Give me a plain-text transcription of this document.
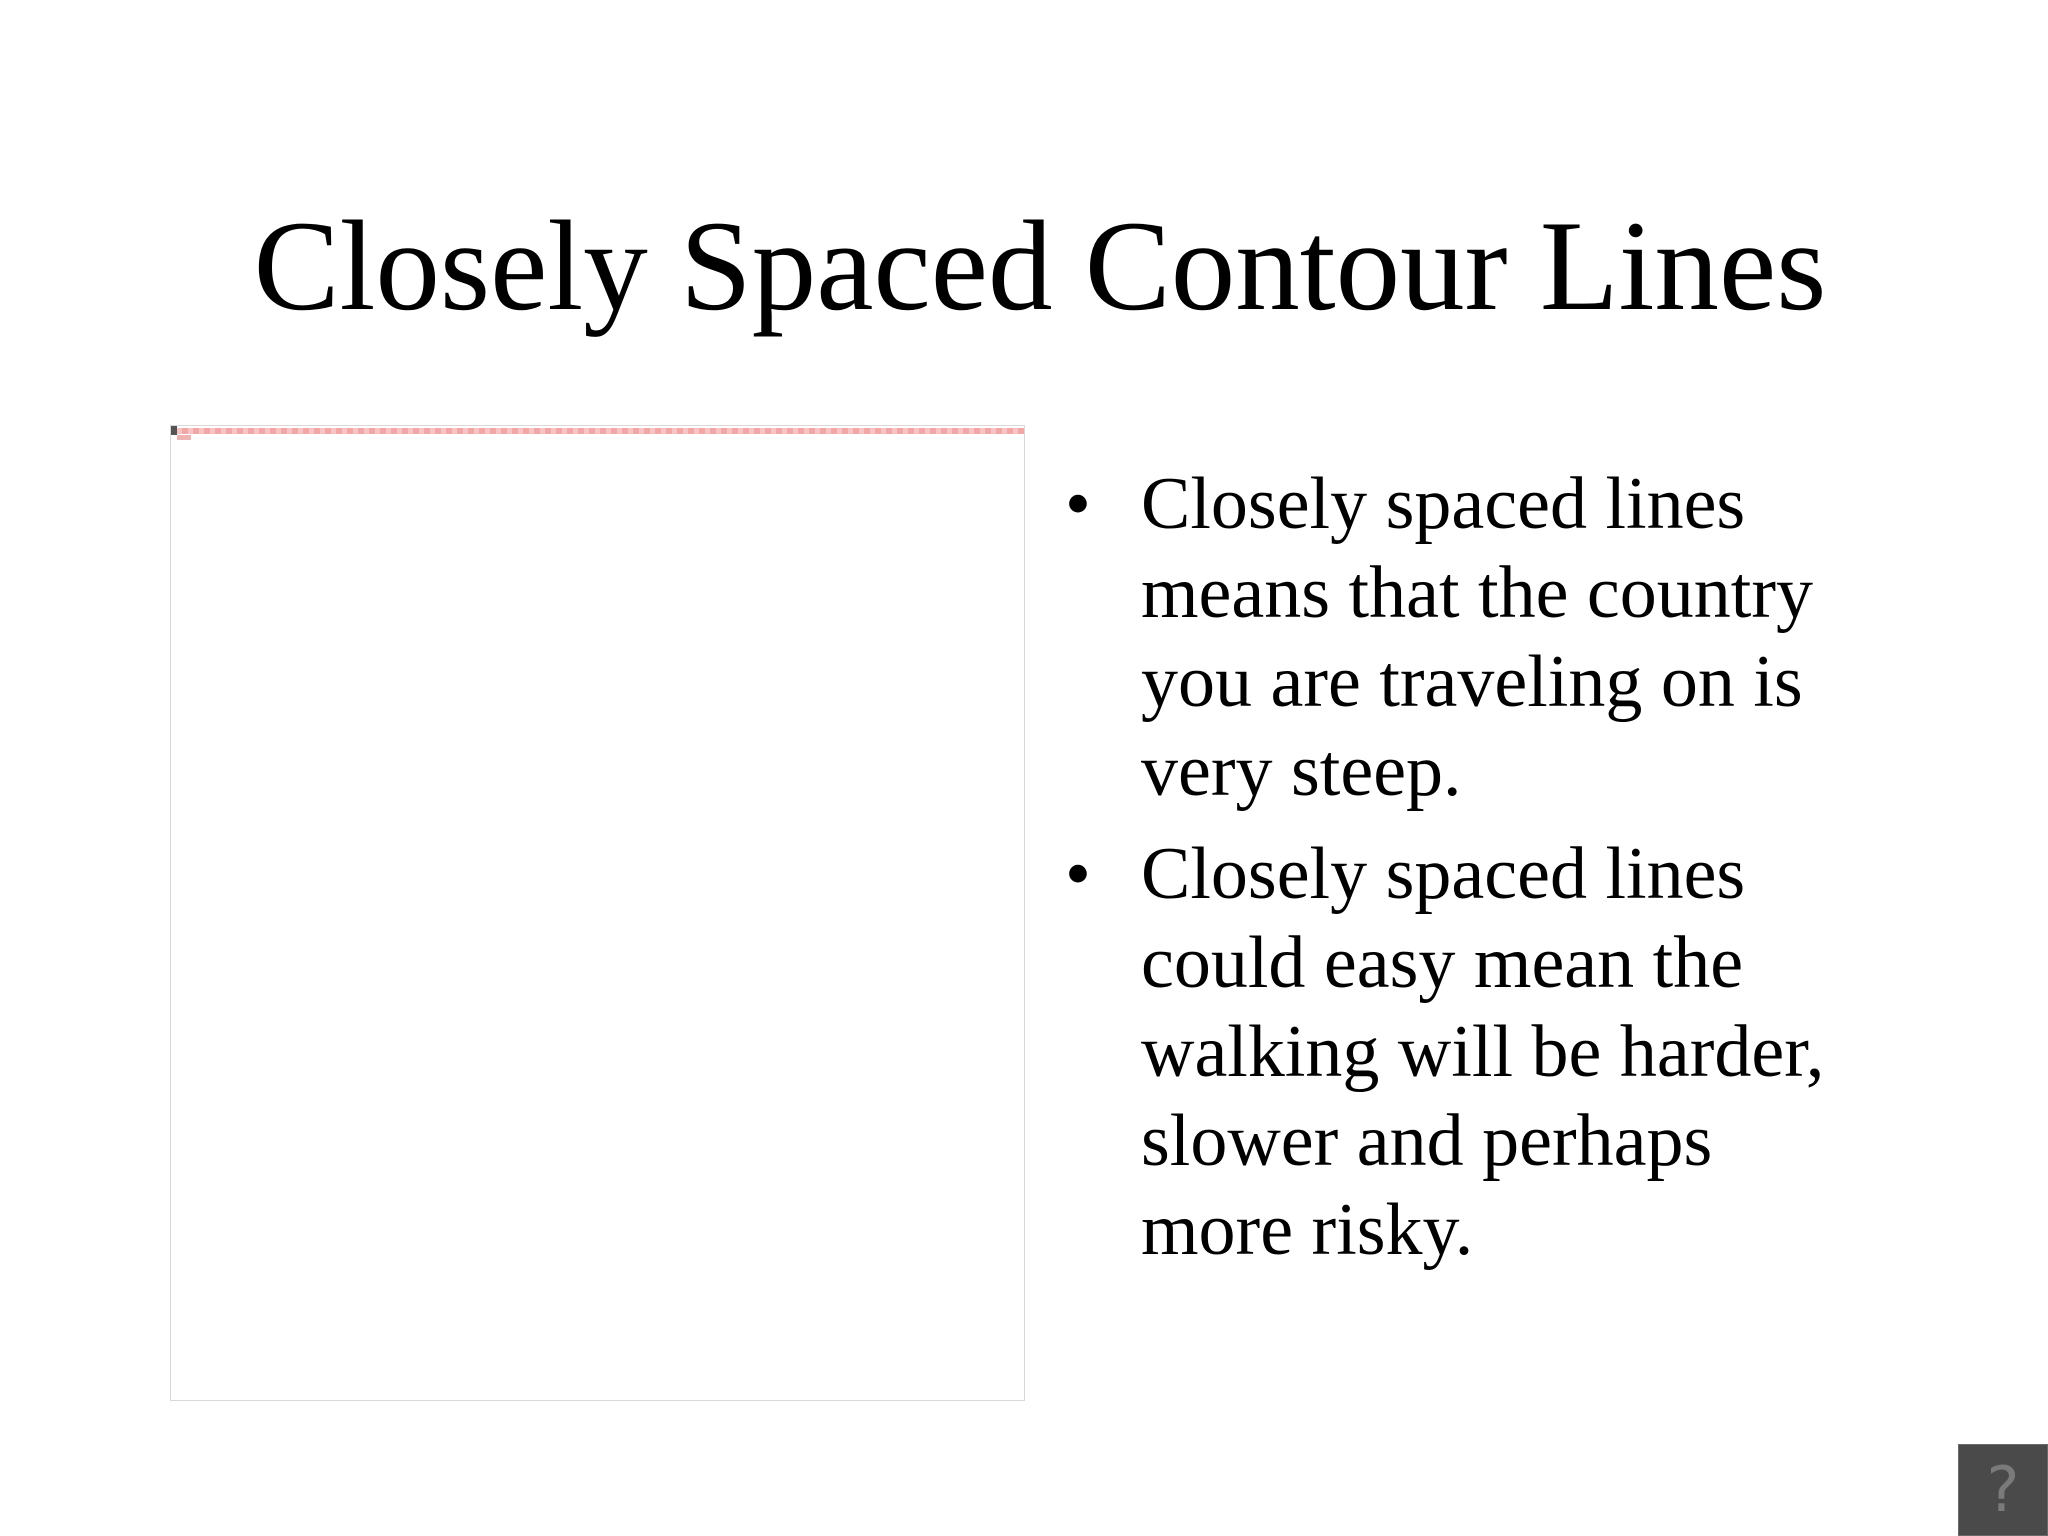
Closely Spaced Contour Lines
• Closely spaced lines means that the country you are traveling on is very steep.
• Closely spaced lines could easy mean the walking will be harder, slower and perhaps more risky.
?
